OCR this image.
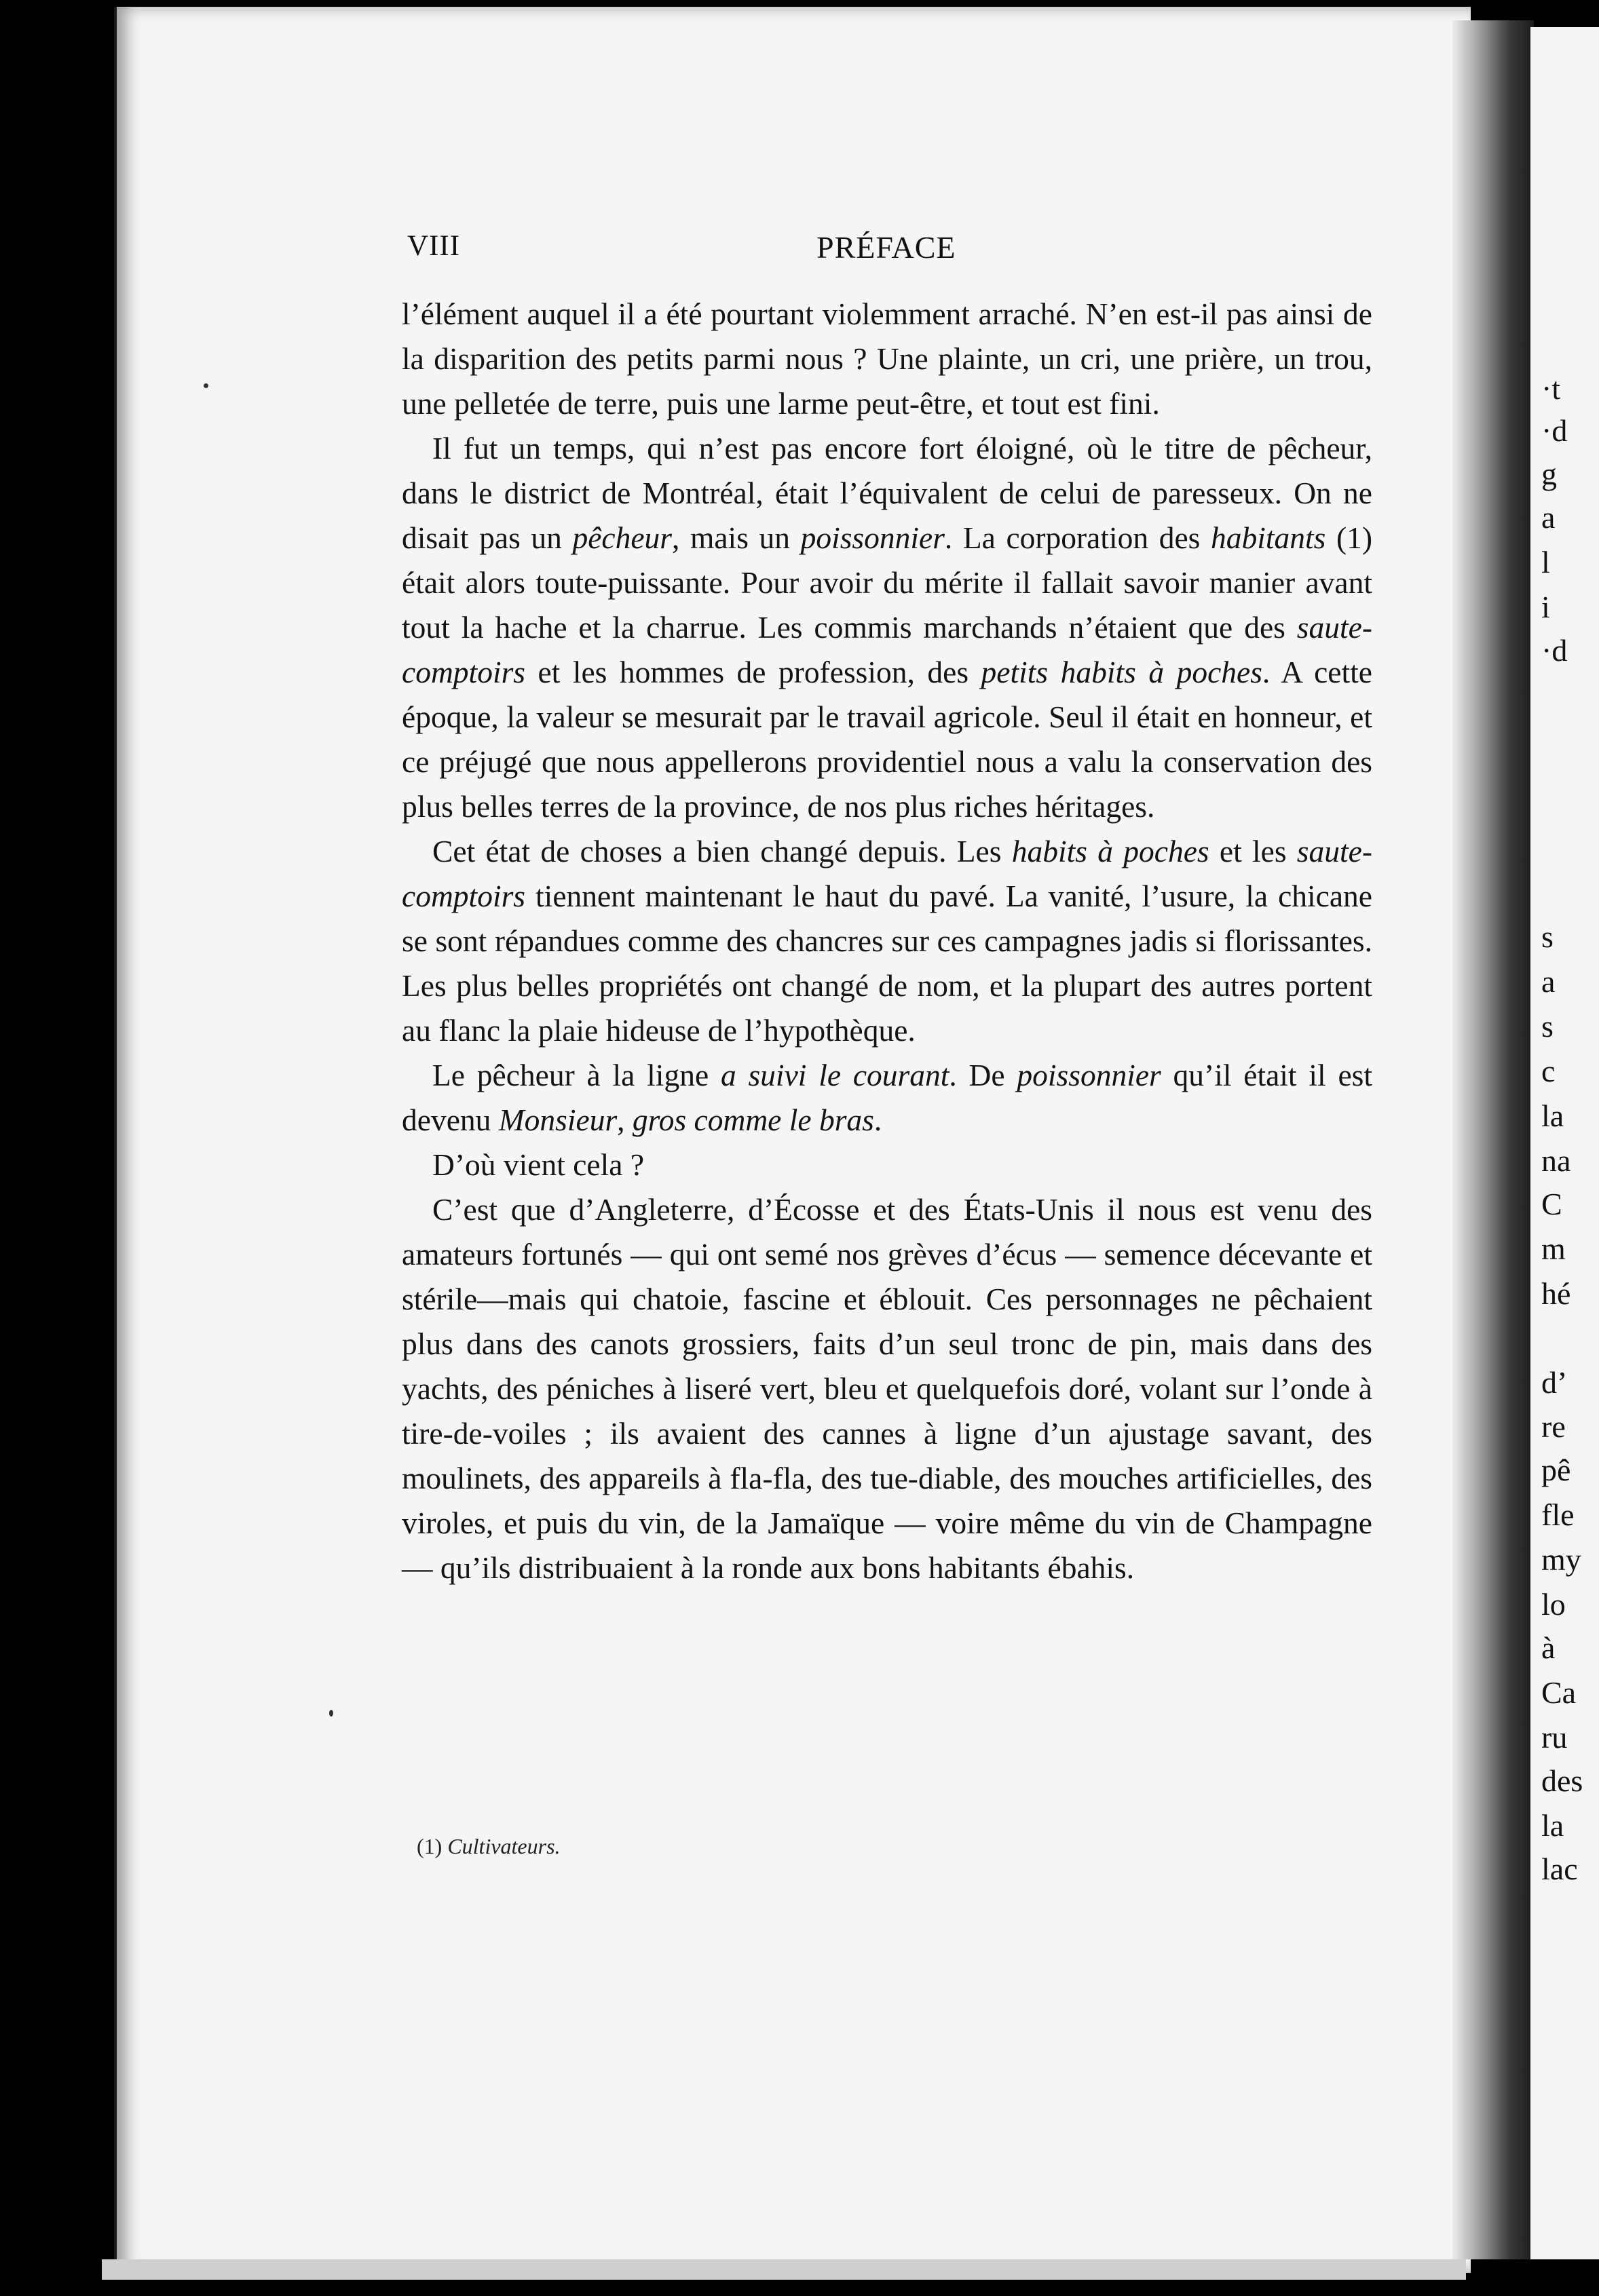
·t
·d
g
a
l
i
·d
s
a
s
c
la
na
C
m
hé
d’
re
pê
fle
my
lo
à
Ca
ru
des
la
lac
VIII	PRÉFACE

l’élément auquel il a été pourtant violemment arraché. N’en est-il pas ainsi de la disparition des petits parmi nous ? Une plainte, un cri, une prière, un trou, une pelletée de terre, puis une larme peut-être, et tout est fini.

Il fut un temps, qui n’est pas encore fort éloigné, où le titre de pêcheur, dans le district de Montréal, était l’équivalent de celui de paresseux. On ne disait pas un pêcheur, mais un poissonnier. La corporation des habitants (1) était alors toute-puissante. Pour avoir du mérite il fallait savoir manier avant tout la hache et la charrue. Les commis marchands n’étaient que des saute-comptoirs et les hommes de profession, des petits habits à poches. A cette époque, la valeur se mesurait par le travail agricole. Seul il était en honneur, et ce préjugé que nous appellerons providentiel nous a valu la conservation des plus belles terres de la province, de nos plus riches héritages.

Cet état de choses a bien changé depuis. Les habits à poches et les saute-comptoirs tiennent maintenant le haut du pavé. La vanité, l’usure, la chicane se sont répandues comme des chancres sur ces campagnes jadis si florissantes. Les plus belles propriétés ont changé de nom, et la plupart des autres portent au flanc la plaie hideuse de l’hypothèque.

Le pêcheur à la ligne a suivi le courant. De poissonnier qu’il était il est devenu Monsieur, gros comme le bras.

D’où vient cela ?

C’est que d’Angleterre, d’Écosse et des États-Unis il nous est venu des amateurs fortunés — qui ont semé nos grèves d’écus — semence décevante et stérile—mais qui chatoie, fascine et éblouit. Ces personnages ne pêchaient plus dans des canots grossiers, faits d’un seul tronc de pin, mais dans des yachts, des péniches à liseré vert, bleu et quelquefois doré, volant sur l’onde à tire-de-voiles ; ils avaient des cannes à ligne d’un ajustage savant, des moulinets, des appareils à fla-fla, des tue-diable, des mouches artificielles, des viroles, et puis du vin, de la Jamaïque — voire même du vin de Champagne — qu’ils distribuaient à la ronde aux bons habitants ébahis.

(1) Cultivateurs.
